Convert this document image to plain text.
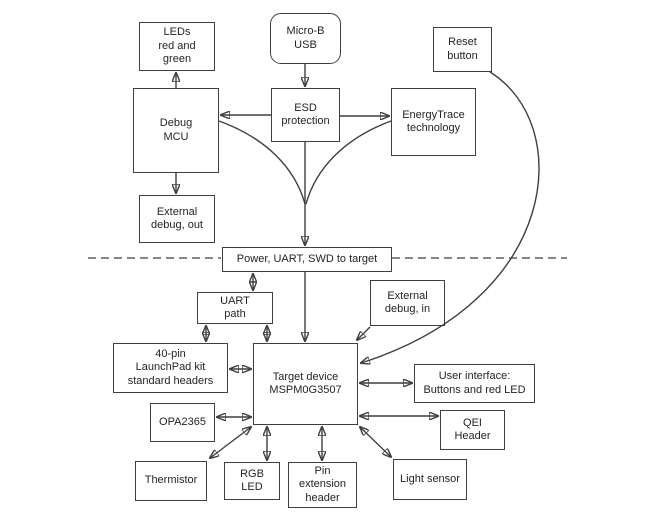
LEDs
red and
green
Micro-B
USB	Reset
button
Debug
MCU
ESD
protection
EnergyTrace
technology
External
debug, out
Power, UART, SWD to target
UART
path
External
debug, in
40-pin
LaunchPad kit
standard headers	Target device
MSPM0G3507
User interface:
Buttons and red LED
OPA2365	QEI
Header
Thermistor
RGB
LED
Pin
extension
header
Light sensor
